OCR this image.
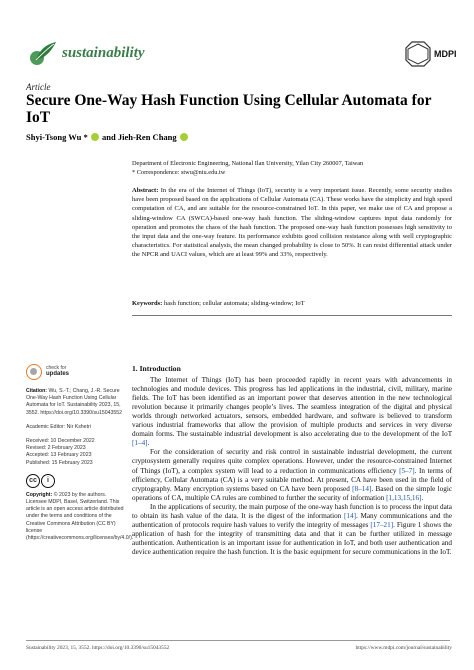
sustainability	MDPI
Article
Secure One-Way Hash Function Using Cellular Automata for IoT
Shyi-Tsong Wu * and Jieh-Ren Chang
Department of Electronic Engineering, National Ilan University, Yilan City 260007, Taiwan
* Correspondence: stwu@niu.edu.tw
Abstract: In the era of the Internet of Things (IoT), security is a very important issue. Recently, some security studies have been proposed based on the applications of Cellular Automata (CA). These works have the simplicity and high speed computation of CA, and are suitable for the resource-constrained IoT. In this paper, we make use of CA and propose a sliding-window CA (SWCA)-based one-way hash function. The sliding-window captures input data randomly for operation and promotes the chaos of the hash function. The proposed one-way hash function possesses high sensitivity to the input data and the one-way feature. Its performance exhibits good collision resistance along with well cryptographic characteristics. For statistical analysis, the mean changed probability is close to 50%. It can resist differential attack under the NPCR and UACI values, which are at least 99% and 33%, respectively.
Keywords: hash function; cellular automata; sliding-window; IoT
check for
updates
Citation: Wu, S.-T.; Chang, J.-R. Secure One-Way Hash Function Using Cellular Automata for IoT. Sustainability 2023, 15, 3552. https://doi.org/10.3390/su15043552
Academic Editor: Nir Kshetri
Received: 10 December 2022
Revised: 2 February 2023
Accepted: 13 February 2023
Published: 15 February 2023
cc	i
Copyright: © 2023 by the authors. Licensee MDPI, Basel, Switzerland. This article is an open access article distributed under the terms and conditions of the Creative Commons Attribution (CC BY) license (https://creativecommons.org/licenses/by/4.0/).
1. Introduction

The Internet of Things (IoT) has been proceeded rapidly in recent years with advancements in technologies and module devices. This progress has led applications in the industrial, civil, military, marine fields. The IoT has been identified as an important power that deserves attention in the new technological revolution because it primarily changes people’s lives. The seamless integration of the digital and physical worlds through networked actuators, sensors, embedded hardware, and software is believed to transform various industrial frameworks that allow the provision of multiple products and services in very diverse domain forms. The sustainable industrial development is also accelerating due to the development of the IoT [1–4].

For the consideration of security and risk control in sustainable industrial development, the current cryptosystem generally requires quite complex operations. However, under the resource-constrained Internet of Things (IoT), a complex system will lead to a reduction in communications efficiency [5–7]. In terms of efficiency, Cellular Automata (CA) is a very suitable method. At present, CA have been used in the field of cryptography. Many encryption systems based on CA have been proposed [8–14]. Based on the simple logic operations of CA, multiple CA rules are combined to further the security of information [1,13,15,16].

In the applications of security, the main purpose of the one-way hash function is to process the input data to obtain its hash value of the data. It is the digest of the information [14]. Many communications and the authentication of protocols require hash values to verify the integrity of messages [17–21]. Figure 1 shows the application of hash for the integrity of transmitting data and that it can be further utilized in message authentication. Authentication is an important issue for authentication in IoT, and both user authentication and device authentication require the hash function. It is the basic equipment for secure communications in the IoT.

Sustainability 2023, 15, 3552. https://doi.org/10.3390/su15043552	https://www.mdpi.com/journal/sustainability
